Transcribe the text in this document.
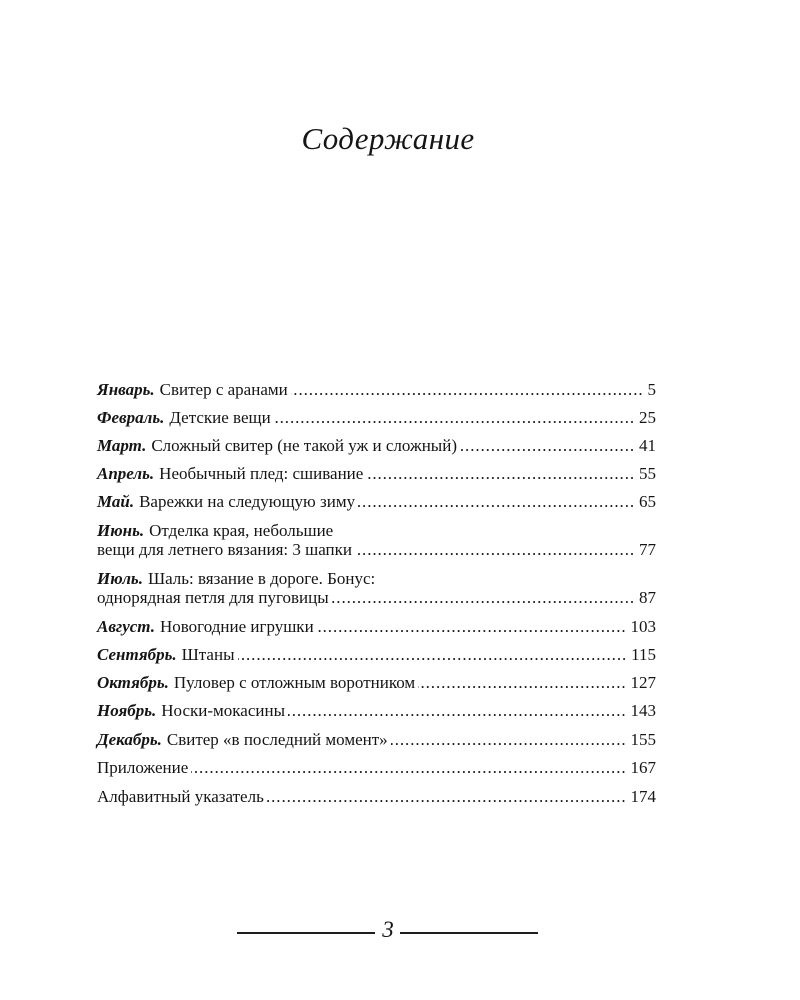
Содержание
Январь. Свитер с аранами .....	5
Февраль. Детские вещи .....	25
Март. Сложный свитер (не такой уж и сложный) .....	41
Апрель. Необычный плед: сшивание .....	55
Май. Варежки на следующую зиму .....	65
Июнь. Отделка края, небольшие
вещи для летнего вязания: 3 шапки .....	77
Июль. Шаль: вязание в дороге. Бонус:
однорядная петля для пуговицы .....	87
Август. Новогодние игрушки .....	103
Сентябрь. Штаны .....	115
Октябрь. Пуловер с отложным воротником .....	127
Ноябрь. Носки-мокасины .....	143
Декабрь. Свитер «в последний момент» .....	155
Приложение .....	167
Алфавитный указатель .....	174
3
